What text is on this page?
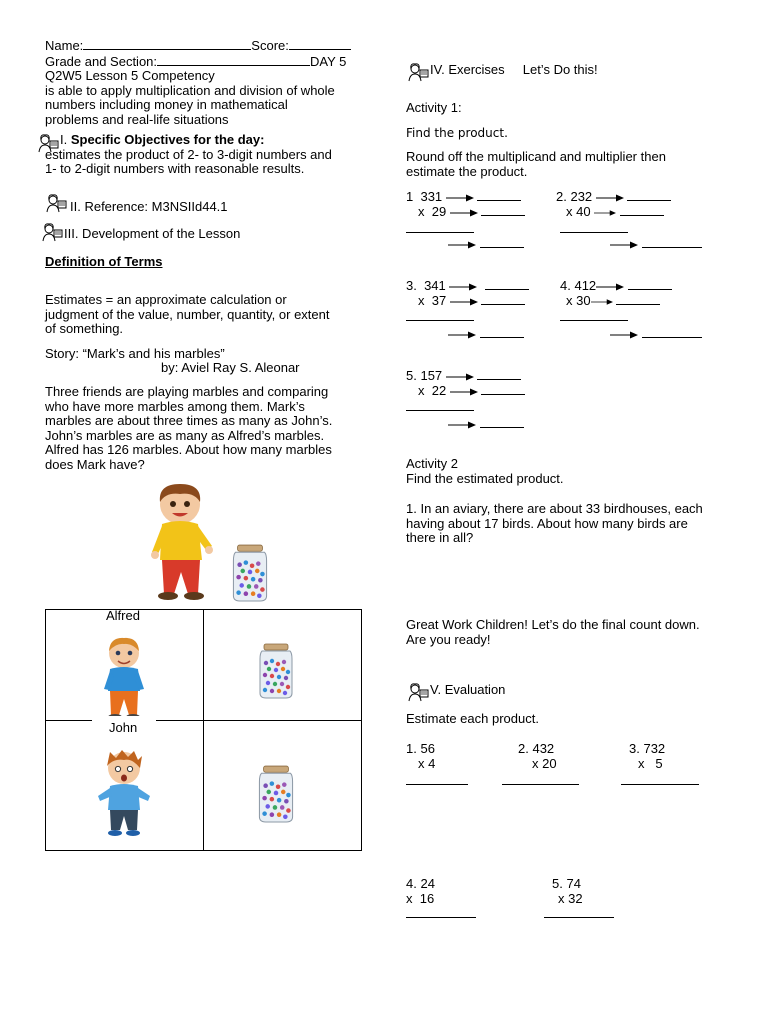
Name:	Score:
Grade and Section:	DAY 5
Q2W5 Lesson 5 Competency
is able to apply multiplication and division of whole
numbers including money in mathematical
problems and real-life situations
I. Specific Objectives for the day:
estimates the product of 2- to 3-digit numbers and
1- to 2-digit numbers with reasonable results.
II. Reference: M3NSIId44.1
III. Development of the Lesson
Definition of Terms
Estimates = an approximate calculation or
judgment of the value, number, quantity, or extent
of something.
Story: “Mark’s and his marbles”
by: Aviel Ray S. Aleonar
Three friends are playing marbles and comparing
who have more marbles among them. Mark’s
marbles are about three times as many as John’s.
John’s marbles are as many as Alfred’s marbles.
Alfred has 126 marbles. About how many marbles
does Mark have?
Alfred
John
IV. Exercises Let’s Do this!
Activity 1:
Find the product.
Round off the multiplicand and multiplier then
estimate the product.
1 331
x 29

2. 232
x 40

3. 341
x 37

4. 412
x 30

5. 157
x 22

Activity 2
Find the estimated product.
1. In an aviary, there are about 33 birdhouses, each
having about 17 birds. About how many birds are
there in all?
Great Work Children! Let’s do the final count down.
Are you ready!
V. Evaluation
Estimate each product.
1. 56
x 4
2. 432
x 20
3. 732
x   5
4. 24
x  16
5. 74
x 32
